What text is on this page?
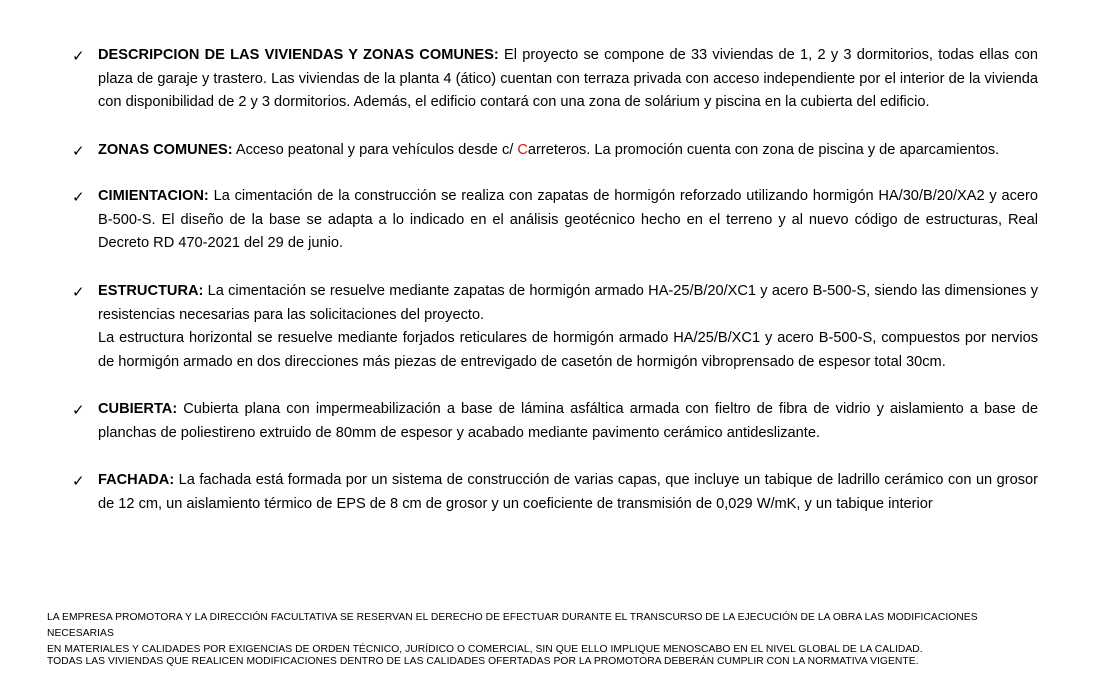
✓ DESCRIPCION DE LAS VIVIENDAS Y ZONAS COMUNES: El proyecto se compone de 33 viviendas de 1, 2 y 3 dormitorios, todas ellas con plaza de garaje y trastero. Las viviendas de la planta 4 (ático) cuentan con terraza privada con acceso independiente por el interior de la vivienda con disponibilidad de 2 y 3 dormitorios. Además, el edificio contará con una zona de solárium y piscina en la cubierta del edificio.
✓ ZONAS COMUNES: Acceso peatonal y para vehículos desde c/ Carreteros. La promoción cuenta con zona de piscina y de aparcamientos.
✓ CIMIENTACION: La cimentación de la construcción se realiza con zapatas de hormigón reforzado utilizando hormigón HA/30/B/20/XA2 y acero B-500-S. El diseño de la base se adapta a lo indicado en el análisis geotécnico hecho en el terreno y al nuevo código de estructuras, Real Decreto RD 470-2021 del 29 de junio.
✓ ESTRUCTURA: La cimentación se resuelve mediante zapatas de hormigón armado HA-25/B/20/XC1 y acero B-500-S, siendo las dimensiones y resistencias necesarias para las solicitaciones del proyecto.

La estructura horizontal se resuelve mediante forjados reticulares de hormigón armado HA/25/B/XC1 y acero B-500-S, compuestos por nervios de hormigón armado en dos direcciones más piezas de entrevigado de casetón de hormigón vibroprensado de espesor total 30cm.

✓ CUBIERTA: Cubierta plana con impermeabilización a base de lámina asfáltica armada con fieltro de fibra de vidrio y aislamiento a base de planchas de poliestireno extruido de 80mm de espesor y acabado mediante pavimento cerámico antideslizante.
✓ FACHADA: La fachada está formada por un sistema de construcción de varias capas, que incluye un tabique de ladrillo cerámico con un grosor de 12 cm, un aislamiento térmico de EPS de 8 cm de grosor y un coeficiente de transmisión de 0,029 W/mK, y un tabique interior
LA EMPRESA PROMOTORA Y LA DIRECCIÓN FACULTATIVA SE RESERVAN EL DERECHO DE EFECTUAR DURANTE EL TRANSCURSO DE LA EJECUCIÓN DE LA OBRA LAS MODIFICACIONES NECESARIAS
EN MATERIALES Y CALIDADES POR EXIGENCIAS DE ORDEN TÉCNICO, JURÍDICO O COMERCIAL, SIN QUE ELLO IMPLIQUE MENOSCABO EN EL NIVEL GLOBAL DE LA CALIDAD.
TODAS LAS VIVIENDAS QUE REALICEN MODIFICACIONES DENTRO DE LAS CALIDADES OFERTADAS POR LA PROMOTORA DEBERÁN CUMPLIR CON LA NORMATIVA VIGENTE.
